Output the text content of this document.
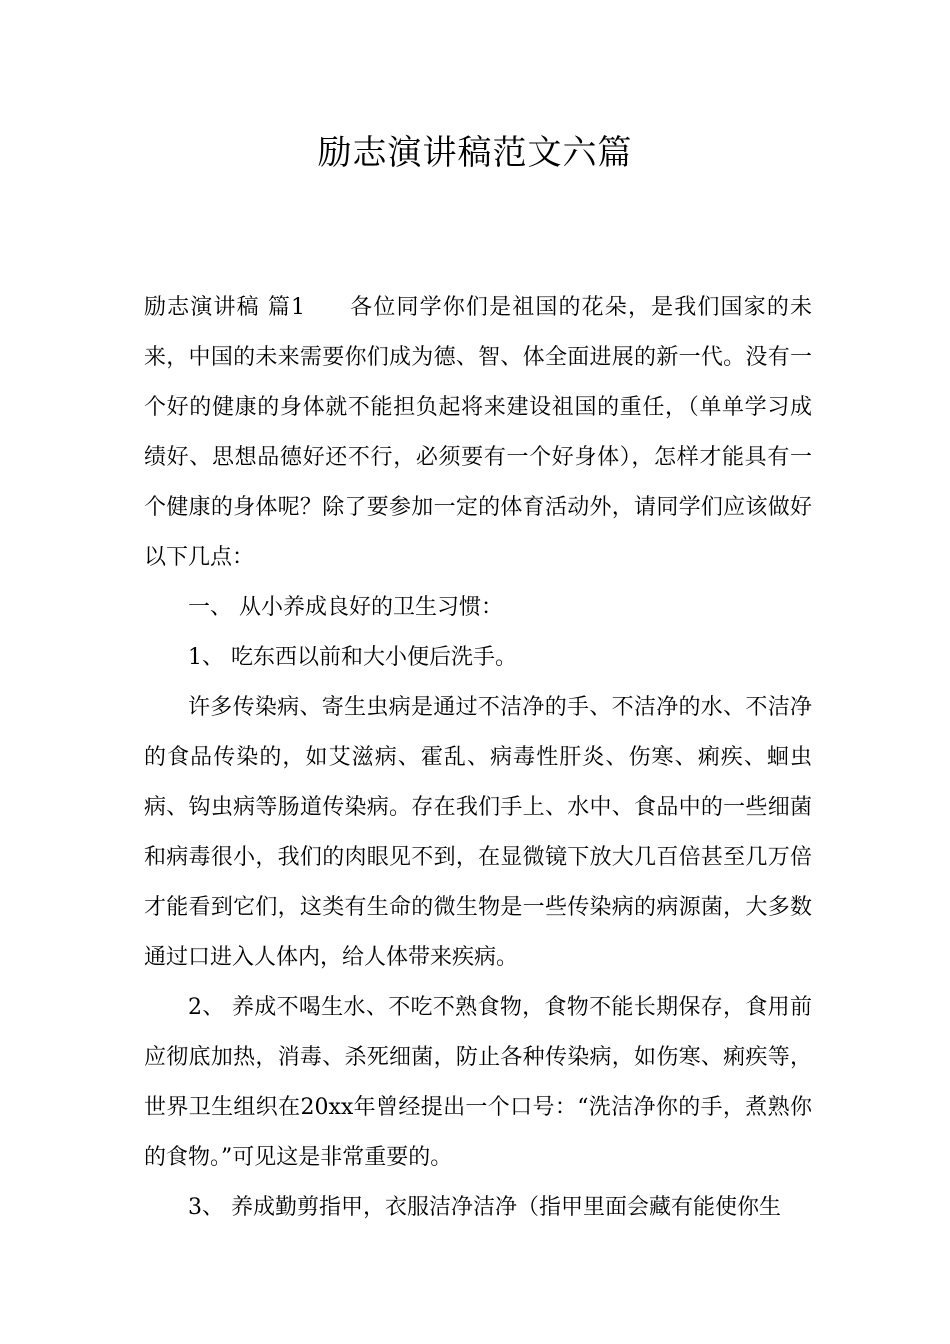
励志演讲稿范文六篇

励志演讲稿 篇1 各位同学你们是祖国的花朵，是我们国家的未来，中国的未来需要你们成为德、智、体全面进展的新一代。没有一个好的健康的身体就不能担负起将来建设祖国的重任，（单单学习成绩好、思想品德好还不行，必须要有一个好身体），怎样才能具有一个健康的身体呢？除了要参加一定的体育活动外，请同学们应该做好以下几点：

一、 从小养成良好的卫生习惯：

1、 吃东西以前和大小便后洗手。

许多传染病、寄生虫病是通过不洁净的手、不洁净的水、不洁净的食品传染的，如艾滋病、霍乱、病毒性肝炎、伤寒、痢疾、蛔虫病、钩虫病等肠道传染病。存在我们手上、水中、食品中的一些细菌和病毒很小，我们的肉眼见不到，在显微镜下放大几百倍甚至几万倍才能看到它们，这类有生命的微生物是一些传染病的病源菌，大多数通过口进入人体内，给人体带来疾病。

2、 养成不喝生水、不吃不熟食物，食物不能长期保存，食用前应彻底加热，消毒、杀死细菌，防止各种传染病，如伤寒、痢疾等，世界卫生组织在20xx年曾经提出一个口号：“洗洁净你的手，煮熟你的食物。”可见这是非常重要的。

3、 养成勤剪指甲，衣服洁净洁净（指甲里面会藏有能使你生
